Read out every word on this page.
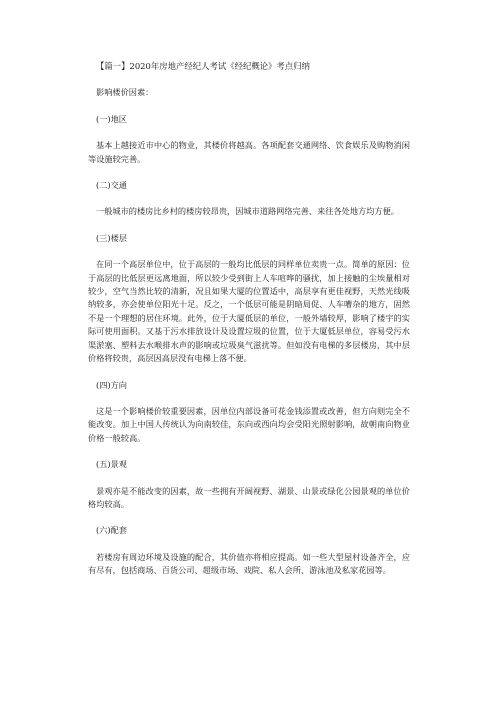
【篇一】2020年房地产经纪人考试《经纪概论》考点归纳

影响楼价因素：

(一)地区

基本上越接近市中心的物业，其楼价将越高。各项配套交通网络、饮食娱乐及购物消闲等设施较完善。

(二)交通

一般城市的楼房比乡村的楼房较昂贵，因城市道路网络完善、来往各处地方均方便。

(三)楼层

在同一个高层单位中，位于高层的一般均比低层的同样单位卖贵一点。简单的原因：位于高层的比低层更远离地面，所以较少受到街上人车喧哗的骚扰，加上接触的尘埃量相对较少，空气当然比较的清新，况且如果大厦的位置适中，高层享有更佳视野，天然光线吸纳较多，亦会使单位阳光十足。反之，一个低层可能是阴暗局促、人车嘈杂的地方，固然不是一个理想的居住环境。此外，位于大厦低层的单位，一般外墙较厚，影响了楼宇的实际可使用面积。又基于污水排放设计及设置垃圾的位置，位于大厦低层单位，容易受污水渠淤塞、塑料去水喉排水声的影响或垃圾臭气滋扰等。但如没有电梯的多层楼房，其中层价格将较贵，高层因高层没有电梯上落不便。

(四)方向

这是一个影响楼价较重要因素，因单位内部设备可花金钱添置或改善，但方向则完全不能改变。加上中国人传统认为向南较佳，东向或西向均会受阳光照射影响，故朝南向物业价格一般较高。

(五)景观

景观亦是不能改变的因素，故一些拥有开阔视野、湖景、山景或绿化公园景观的单位价格均较高。

(六)配套

若楼房有周边环境及设施的配合，其价值亦将相应提高。如一些大型屋村设备齐全，应有尽有，包括商场、百货公司、超级市场、戏院、私人会所、游泳池及私家花园等。
